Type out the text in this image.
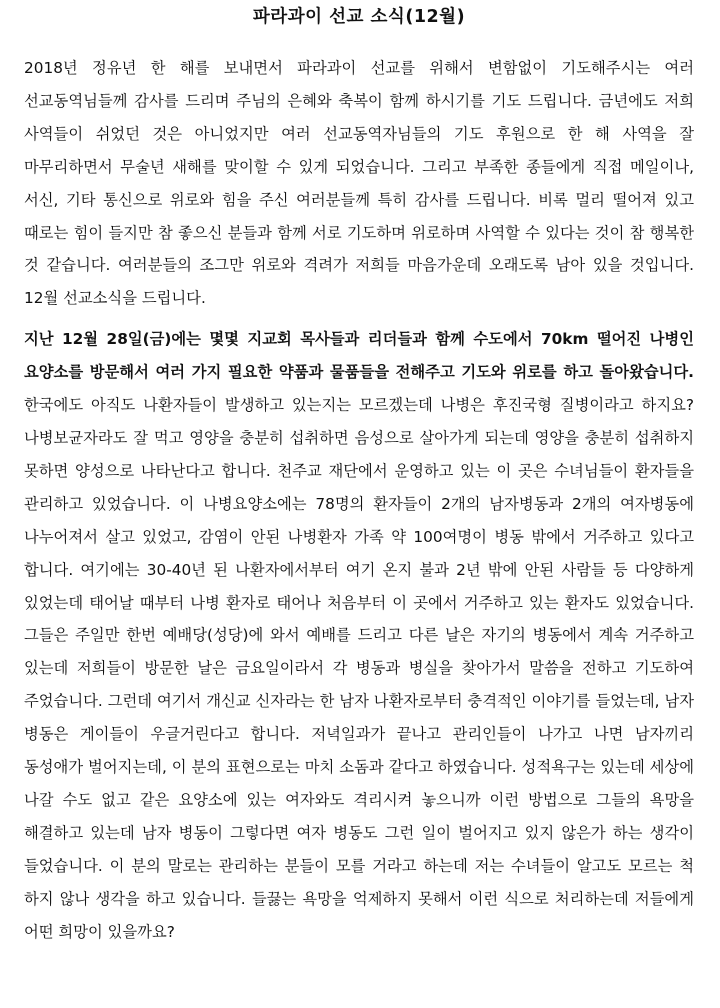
파라과이 선교 소식(12월)

2018년 정유년 한 해를 보내면서 파라과이 선교를 위해서 변함없이 기도해주시는 여러 선교동역님들께 감사를 드리며 주님의 은혜와 축복이 함께 하시기를 기도 드립니다. 금년에도 저희 사역들이 쉬었던 것은 아니었지만 여러 선교동역자님들의 기도 후원으로 한 해 사역을 잘 마무리하면서 무술년 새해를 맞이할 수 있게 되었습니다. 그리고 부족한 종들에게 직접 메일이나, 서신, 기타 통신으로 위로와 힘을 주신 여러분들께 특히 감사를 드립니다. 비록 멀리 떨어져 있고 때로는 힘이 들지만 참 좋으신 분들과 함께 서로 기도하며 위로하며 사역할 수 있다는 것이 참 행복한 것 같습니다. 여러분들의 조그만 위로와 격려가 저희들 마음가운데 오래도록 남아 있을 것입니다. 12월 선교소식을 드립니다.

지난 12월 28일(금)에는 몇몇 지교회 목사들과 리더들과 함께 수도에서 70km 떨어진 나병인 요양소를 방문해서 여러 가지 필요한 약품과 물품들을 전해주고 기도와 위로를 하고 돌아왔습니다. 한국에도 아직도 나환자들이 발생하고 있는지는 모르겠는데 나병은 후진국형 질병이라고 하지요? 나병보균자라도 잘 먹고 영양을 충분히 섭취하면 음성으로 살아가게 되는데 영양을 충분히 섭취하지 못하면 양성으로 나타난다고 합니다. 천주교 재단에서 운영하고 있는 이 곳은 수녀님들이 환자들을 관리하고 있었습니다. 이 나병요양소에는 78명의 환자들이 2개의 남자병동과 2개의 여자병동에 나누어져서 살고 있었고, 감염이 안된 나병환자 가족 약 100여명이 병동 밖에서 거주하고 있다고 합니다. 여기에는 30-40년 된 나환자에서부터 여기 온지 불과 2년 밖에 안된 사람들 등 다양하게 있었는데 태어날 때부터 나병 환자로 태어나 처음부터 이 곳에서 거주하고 있는 환자도 있었습니다. 그들은 주일만 한번 예배당(성당)에 와서 예배를 드리고 다른 날은 자기의 병동에서 계속 거주하고 있는데 저희들이 방문한 날은 금요일이라서 각 병동과 병실을 찾아가서 말씀을 전하고 기도하여 주었습니다. 그런데 여기서 개신교 신자라는 한 남자 나환자로부터 충격적인 이야기를 들었는데, 남자 병동은 게이들이 우글거린다고 합니다. 저녁일과가 끝나고 관리인들이 나가고 나면 남자끼리 동성애가 벌어지는데, 이 분의 표현으로는 마치 소돔과 같다고 하였습니다. 성적욕구는 있는데 세상에 나갈 수도 없고 같은 요양소에 있는 여자와도 격리시켜 놓으니까 이런 방법으로 그들의 욕망을 해결하고 있는데 남자 병동이 그렇다면 여자 병동도 그런 일이 벌어지고 있지 않은가 하는 생각이 들었습니다. 이 분의 말로는 관리하는 분들이 모를 거라고 하는데 저는 수녀들이 알고도 모르는 척 하지 않나 생각을 하고 있습니다. 들끓는 욕망을 억제하지 못해서 이런 식으로 처리하는데 저들에게 어떤 희망이 있을까요?
